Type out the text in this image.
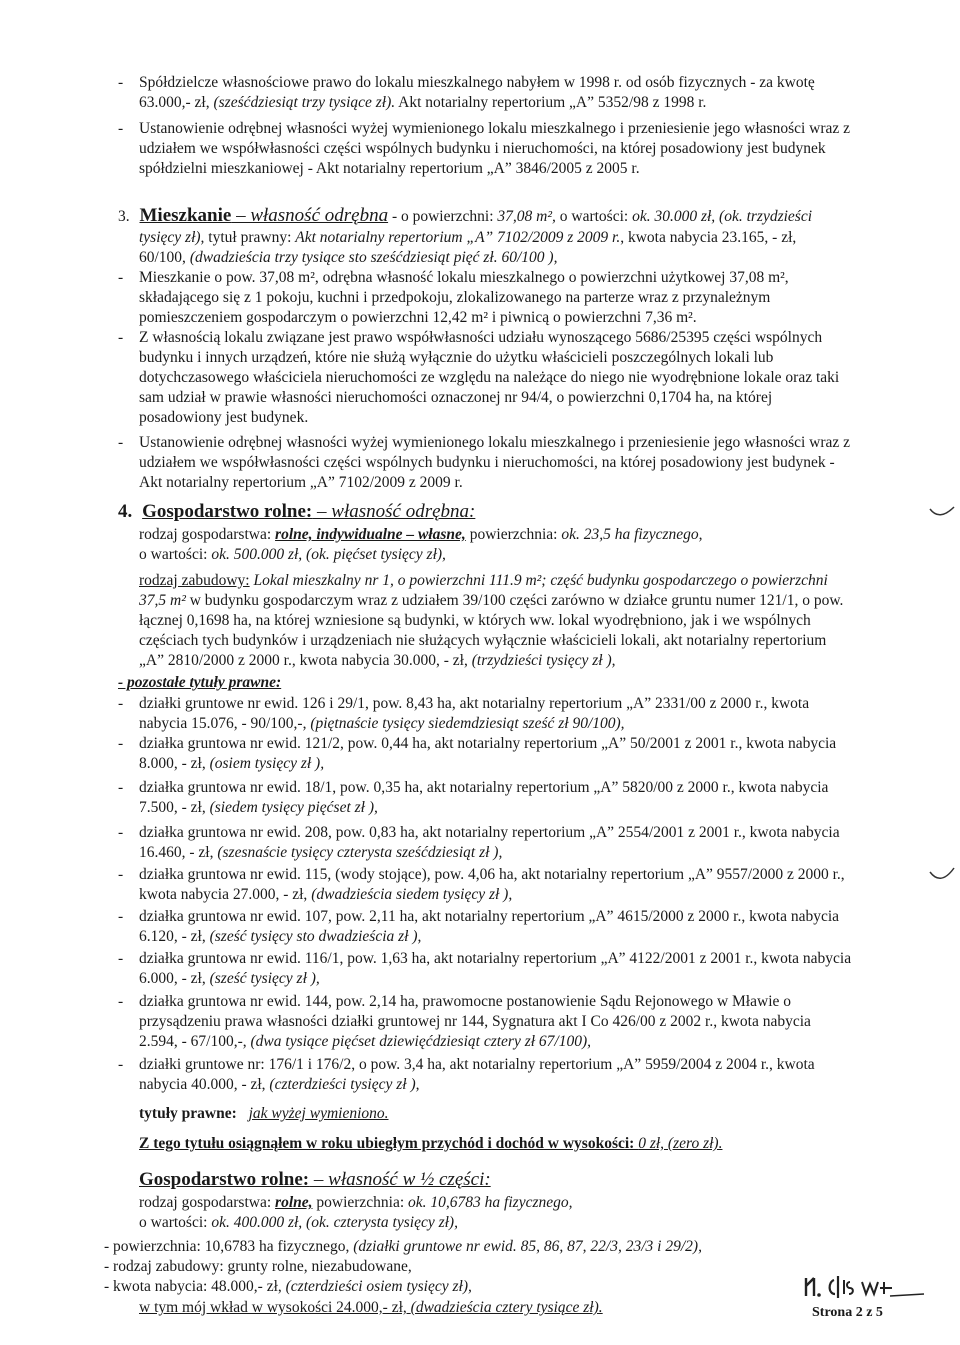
- Spółdzielcze własnościowe prawo do lokalu mieszkalnego nabyłem w 1998 r. od osób fizycznych - za kwotę
63.000,- zł, (sześćdziesiąt trzy tysiące zł). Akt notarialny repertorium „A” 5352/98 z 1998 r.
- Ustanowienie odrębnej własności wyżej wymienionego lokalu mieszkalnego i przeniesienie jego własności wraz z
udziałem we współwłasności części wspólnych budynku i nieruchomości, na której posadowiony jest budynek
spółdzielni mieszkaniowej - Akt notarialny repertorium „A” 3846/2005 z 2005 r.
3. Mieszkanie – własność odrębna - o powierzchni: 37,08 m², o wartości: ok. 30.000 zł, (ok. trzydzieści
tysięcy zł), tytuł prawny: Akt notarialny repertorium „A” 7102/2009 z 2009 r., kwota nabycia 23.165, - zł,
60/100, (dwadzieścia trzy tysiące sto sześćdziesiąt pięć zł. 60/100 ),
- Mieszkanie o pow. 37,08 m², odrębna własność lokalu mieszkalnego o powierzchni użytkowej 37,08 m²,
składającego się z 1 pokoju, kuchni i przedpokoju, zlokalizowanego na parterze wraz z przynależnym
pomieszczeniem gospodarczym o powierzchni 12,42 m² i piwnicą o powierzchni 7,36 m².
- Z własnością lokalu związane jest prawo współwłasności udziału wynoszącego 5686/25395 części wspólnych
budynku i innych urządzeń, które nie służą wyłącznie do użytku właścicieli poszczególnych lokali lub
dotychczasowego właściciela nieruchomości ze względu na należące do niego nie wyodrębnione lokale oraz taki
sam udział w prawie własności nieruchomości oznaczonej nr 94/4, o powierzchni 0,1704 ha, na której
posadowiony jest budynek.
- Ustanowienie odrębnej własności wyżej wymienionego lokalu mieszkalnego i przeniesienie jego własności wraz z
udziałem we współwłasności części wspólnych budynku i nieruchomości, na której posadowiony jest budynek -
Akt notarialny repertorium „A” 7102/2009 z 2009 r.
4. Gospodarstwo rolne: – własność odrębna:
rodzaj gospodarstwa: rolne, indywidualne – własne, powierzchnia: ok. 23,5 ha fizycznego,
o wartości: ok. 500.000 zł, (ok. pięćset tysięcy zł),
rodzaj zabudowy: Lokal mieszkalny nr 1, o powierzchni 111.9 m²; część budynku gospodarczego o powierzchni
37,5 m² w budynku gospodarczym wraz z udziałem 39/100 części zarówno w działce gruntu numer 121/1, o pow.
łącznej 0,1698 ha, na której wzniesione są budynki, w których ww. lokal wyodrębniono, jak i we wspólnych
częściach tych budynków i urządzeniach nie służących wyłącznie właścicieli lokali, akt notarialny repertorium
„A” 2810/2000 z 2000 r., kwota nabycia 30.000, - zł, (trzydzieści tysięcy zł ),
- pozostałe tytuły prawne:
- działki gruntowe nr ewid. 126 i 29/1, pow. 8,43 ha, akt notarialny repertorium „A” 2331/00 z 2000 r., kwota
nabycia 15.076, - 90/100,-, (piętnaście tysięcy siedemdziesiąt sześć zł 90/100),
- działka gruntowa nr ewid. 121/2, pow. 0,44 ha, akt notarialny repertorium „A” 50/2001 z 2001 r., kwota nabycia
8.000, - zł, (osiem tysięcy zł ),
- działka gruntowa nr ewid. 18/1, pow. 0,35 ha, akt notarialny repertorium „A” 5820/00 z 2000 r., kwota nabycia
7.500, - zł, (siedem tysięcy pięćset zł ),
- działka gruntowa nr ewid. 208, pow. 0,83 ha, akt notarialny repertorium „A” 2554/2001 z 2001 r., kwota nabycia
16.460, - zł, (szesnaście tysięcy czterysta sześćdziesiąt zł ),
- działka gruntowa nr ewid. 115, (wody stojące), pow. 4,06 ha, akt notarialny repertorium „A” 9557/2000 z 2000 r.,
kwota nabycia 27.000, - zł, (dwadzieścia siedem tysięcy zł ),
- działka gruntowa nr ewid. 107, pow. 2,11 ha, akt notarialny repertorium „A” 4615/2000 z 2000 r., kwota nabycia
6.120, - zł, (sześć tysięcy sto dwadzieścia zł ),
- działka gruntowa nr ewid. 116/1, pow. 1,63 ha, akt notarialny repertorium „A” 4122/2001 z 2001 r., kwota nabycia
6.000, - zł, (sześć tysięcy zł ),
- działka gruntowa nr ewid. 144, pow. 2,14 ha, prawomocne postanowienie Sądu Rejonowego w Mławie o
przysądzeniu prawa własności działki gruntowej nr 144, Sygnatura akt I Co 426/00 z 2002 r., kwota nabycia
2.594, - 67/100,-, (dwa tysiące pięćset dziewięćdziesiąt cztery zł 67/100),
- działki gruntowe nr: 176/1 i 176/2, o pow. 3,4 ha, akt notarialny repertorium „A” 5959/2004 z 2004 r., kwota
nabycia 40.000, - zł, (czterdzieści tysięcy zł ),
tytuły prawne: jak wyżej wymieniono.
Z tego tytułu osiągnąłem w roku ubiegłym przychód i dochód w wysokości: 0 zł, (zero zł).
Gospodarstwo rolne: – własność w ½ części:
rodzaj gospodarstwa: rolne, powierzchnia: ok. 10,6783 ha fizycznego,
o wartości: ok. 400.000 zł, (ok. czterysta tysięcy zł),
- powierzchnia: 10,6783 ha fizycznego, (działki gruntowe nr ewid. 85, 86, 87, 22/3, 23/3 i 29/2),
- rodzaj zabudowy: grunty rolne, niezabudowane,
- kwota nabycia: 48.000,- zł, (czterdzieści osiem tysięcy zł),
w tym mój wkład w wysokości 24.000,- zł, (dwadzieścia cztery tysiące zł).	Strona 2 z 5
